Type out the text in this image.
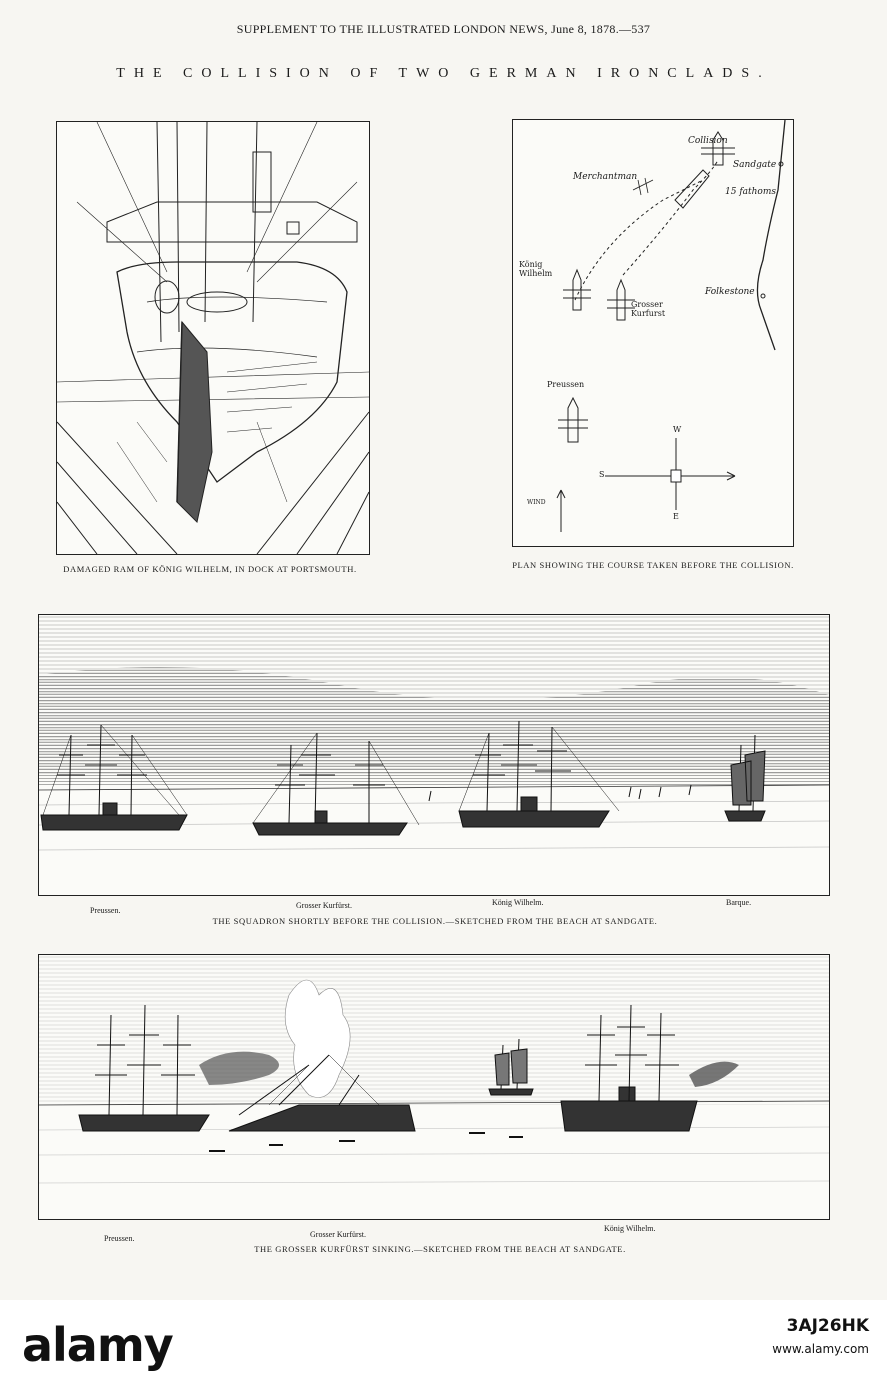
SUPPLEMENT TO THE ILLUSTRATED LONDON NEWS, June 8, 1878.—537
THE COLLISION OF TWO GERMAN IRONCLADS.
DAMAGED RAM OF KÖNIG WILHELM, IN DOCK AT PORTSMOUTH.
Collision
Sandgate
Merchantman
15 fathoms
König
Wilhelm
Grosser
Kurfurst
Folkestone
Preussen
W
S
E
WIND
PLAN SHOWING THE COURSE TAKEN BEFORE THE COLLISION.
Preussen.
Grosser Kurfürst.	König Wilhelm.	Barque.
THE SQUADRON SHORTLY BEFORE THE COLLISION.—SKETCHED FROM THE BEACH AT SANDGATE.
Preussen.	Grosser Kurfürst.
König Wilhelm.
THE GROSSER KURFÜRST SINKING.—SKETCHED FROM THE BEACH AT SANDGATE.
alamy	3AJ26HK
www.alamy.com
